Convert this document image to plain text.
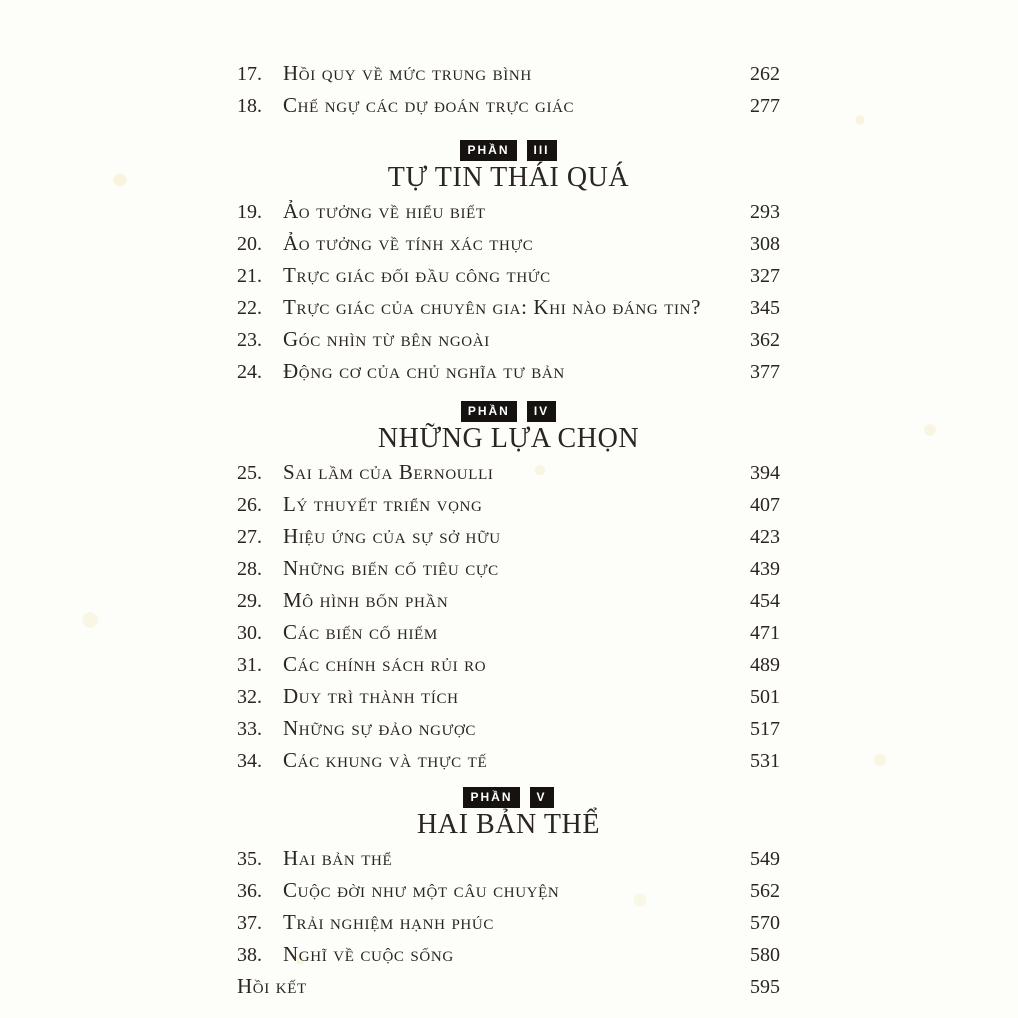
17.	Hồi quy về mức trung bình	262
18.	Chế ngự các dự đoán trực giác	277
PHẦN III
TỰ TIN THÁI QUÁ
19.	Ảo tưởng về hiểu biết	293
20.	Ảo tưởng về tính xác thực	308
21.	Trực giác đối đầu công thức	327
22.	Trực giác của chuyên gia: Khi nào đáng tin?	345
23.	Góc nhìn từ bên ngoài	362
24.	Động cơ của chủ nghĩa tư bản	377
PHẦN IV
NHỮNG LỰA CHỌN
25.	Sai lầm của Bernoulli	394
26.	Lý thuyết triển vọng	407
27.	Hiệu ứng của sự sở hữu	423
28.	Những biến cố tiêu cực	439
29.	Mô hình bốn phần	454
30.	Các biến cố hiếm	471
31.	Các chính sách rủi ro	489
32.	Duy trì thành tích	501
33.	Những sự đảo ngược	517
34.	Các khung và thực tế	531
PHẦN V
HAI BẢN THỂ
35.	Hai bản thể	549
36.	Cuộc đời như một câu chuyện	562
37.	Trải nghiệm hạnh phúc	570
38.	Nghĩ về cuộc sống	580
Hồi kết	595
